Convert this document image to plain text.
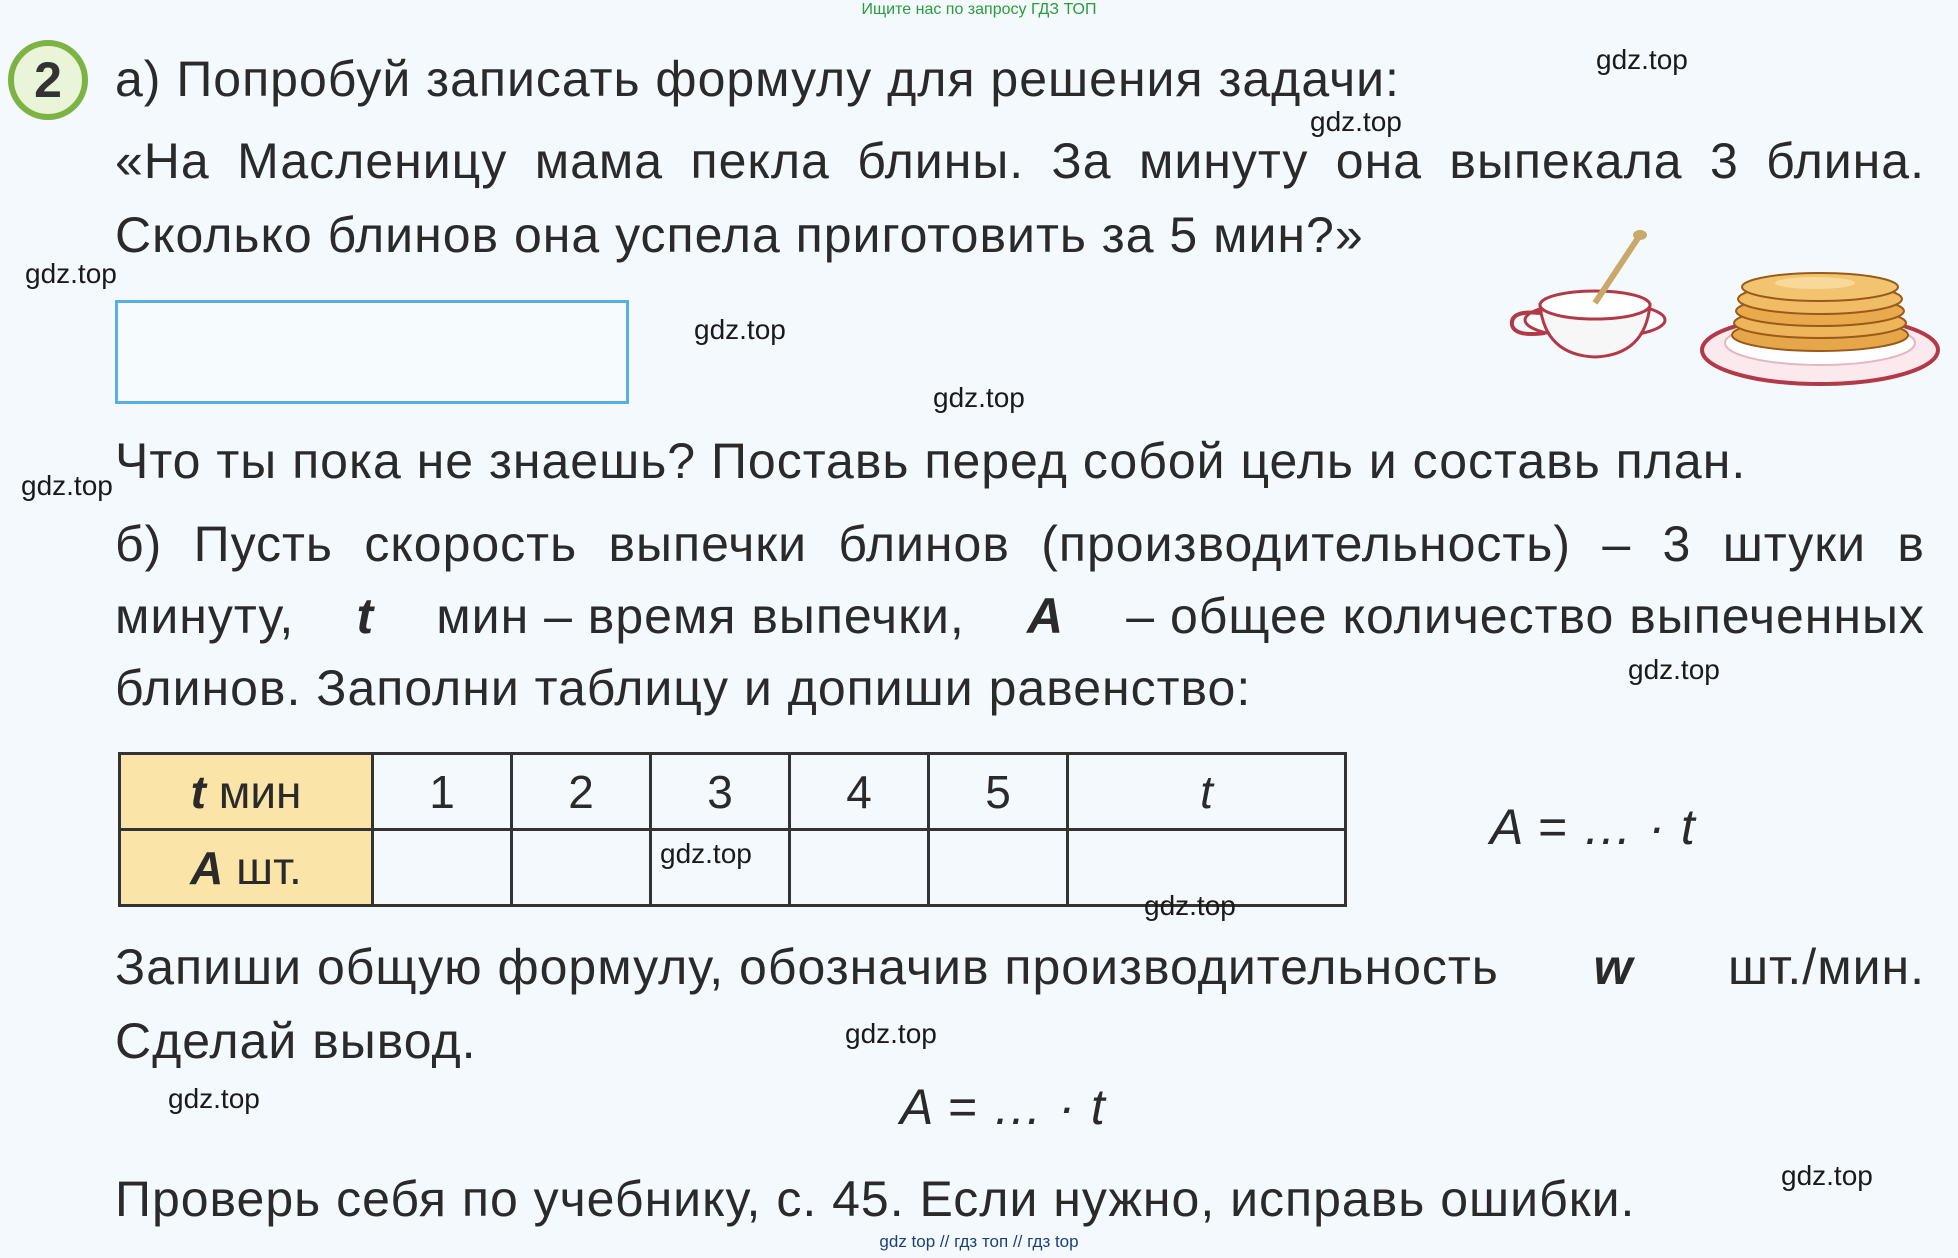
Ищите нас по запросу ГДЗ ТОП
2	а) Попробуй записать формулу для решения задачи:
«На Масленицу мама пекла блины. За минуту она выпекала 3 блина.
Сколько блинов она успела приготовить за 5 мин?»
Что ты пока не знаешь? Поставь перед собой цель и составь план.
б) Пусть скорость выпечки блинов (производительность) – 3 штуки в
минуту, t мин – время выпечки, A – общее количество выпеченных
блинов. Заполни таблицу и допиши равенство:
t мин	1	2	3	4	5	t
A шт.						
A = … · t
Запиши общую формулу, обозначив производительность w шт./мин.
Сделай вывод.
A = … · t
Проверь себя по учебнику, с. 45. Если нужно, исправь ошибки.
gdz.top
gdz.top
gdz.top
gdz.top
gdz.top
gdz.top
gdz.top
gdz.top
gdz.top
gdz.top
gdz.top
gdz.top
gdz top // гдз топ // гдз top
